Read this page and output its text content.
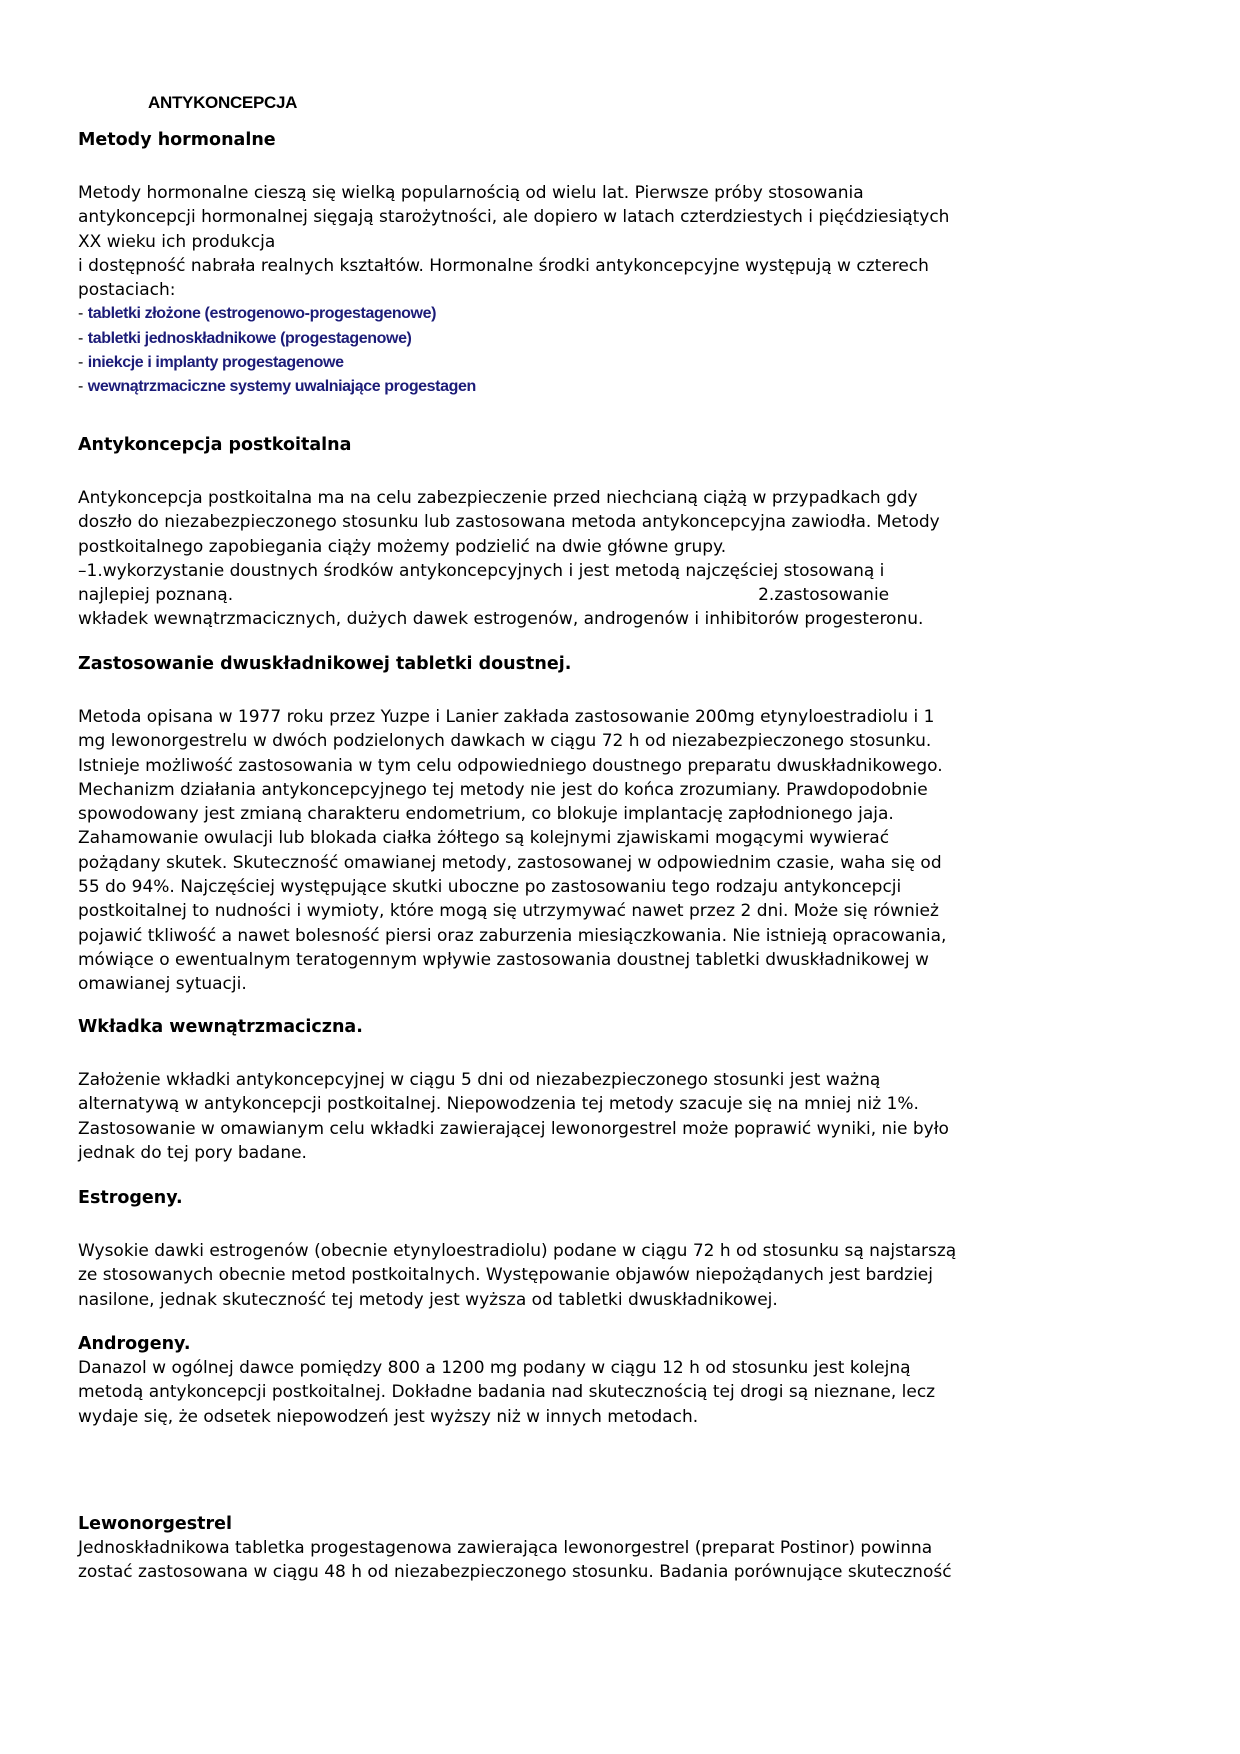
ANTYKONCEPCJA
Metody hormonalne
Metody hormonalne cieszą się wielką popularnością od wielu lat. Pierwsze próby stosowania
antykoncepcji hormonalnej sięgają starożytności, ale dopiero w latach czterdziestych i pięćdziesiątych
XX wieku ich produkcja
i dostępność nabrała realnych kształtów. Hormonalne środki antykoncepcyjne występują w czterech
postaciach:
- tabletki złożone (estrogenowo-progestagenowe)
- tabletki jednoskładnikowe (progestagenowe)
- iniekcje i implanty progestagenowe
- wewnątrzmaciczne systemy uwalniające progestagen
Antykoncepcja postkoitalna
Antykoncepcja postkoitalna ma na celu zabezpieczenie przed niechcianą ciążą w przypadkach gdy
doszło do niezabezpieczonego stosunku lub zastosowana metoda antykoncepcyjna zawiodła. Metody
postkoitalnego zapobiegania ciąży możemy podzielić na dwie główne grupy.
–1.wykorzystanie doustnych środków antykoncepcyjnych i jest metodą najczęściej stosowaną i
najlepiej poznaną.	2.zastosowanie
wkładek wewnątrzmacicznych, dużych dawek estrogenów, androgenów i inhibitorów progesteronu.
Zastosowanie dwuskładnikowej tabletki doustnej.
Metoda opisana w 1977 roku przez Yuzpe i Lanier zakłada zastosowanie 200mg etynyloestradiolu i 1
mg lewonorgestrelu w dwóch podzielonych dawkach w ciągu 72 h od niezabezpieczonego stosunku.
Istnieje możliwość zastosowania w tym celu odpowiedniego doustnego preparatu dwuskładnikowego.
Mechanizm działania antykoncepcyjnego tej metody nie jest do końca zrozumiany. Prawdopodobnie
spowodowany jest zmianą charakteru endometrium, co blokuje implantację zapłodnionego jaja.
Zahamowanie owulacji lub blokada ciałka żółtego są kolejnymi zjawiskami mogącymi wywierać
pożądany skutek. Skuteczność omawianej metody, zastosowanej w odpowiednim czasie, waha się od
55 do 94%. Najczęściej występujące skutki uboczne po zastosowaniu tego rodzaju antykoncepcji
postkoitalnej to nudności i wymioty, które mogą się utrzymywać nawet przez 2 dni. Może się również
pojawić tkliwość a nawet bolesność piersi oraz zaburzenia miesiączkowania. Nie istnieją opracowania,
mówiące o ewentualnym teratogennym wpływie zastosowania doustnej tabletki dwuskładnikowej w
omawianej sytuacji.
Wkładka wewnątrzmaciczna.
Założenie wkładki antykoncepcyjnej w ciągu 5 dni od niezabezpieczonego stosunki jest ważną
alternatywą w antykoncepcji postkoitalnej. Niepowodzenia tej metody szacuje się na mniej niż 1%.
Zastosowanie w omawianym celu wkładki zawierającej lewonorgestrel może poprawić wyniki, nie było
jednak do tej pory badane.
Estrogeny.
Wysokie dawki estrogenów (obecnie etynyloestradiolu) podane w ciągu 72 h od stosunku są najstarszą
ze stosowanych obecnie metod postkoitalnych. Występowanie objawów niepożądanych jest bardziej
nasilone, jednak skuteczność tej metody jest wyższa od tabletki dwuskładnikowej.
Androgeny.
Danazol w ogólnej dawce pomiędzy 800 a 1200 mg podany w ciągu 12 h od stosunku jest kolejną
metodą antykoncepcji postkoitalnej. Dokładne badania nad skutecznością tej drogi są nieznane, lecz
wydaje się, że odsetek niepowodzeń jest wyższy niż w innych metodach.
Lewonorgestrel
Jednoskładnikowa tabletka progestagenowa zawierająca lewonorgestrel (preparat Postinor) powinna
zostać zastosowana w ciągu 48 h od niezabezpieczonego stosunku. Badania porównujące skuteczność
